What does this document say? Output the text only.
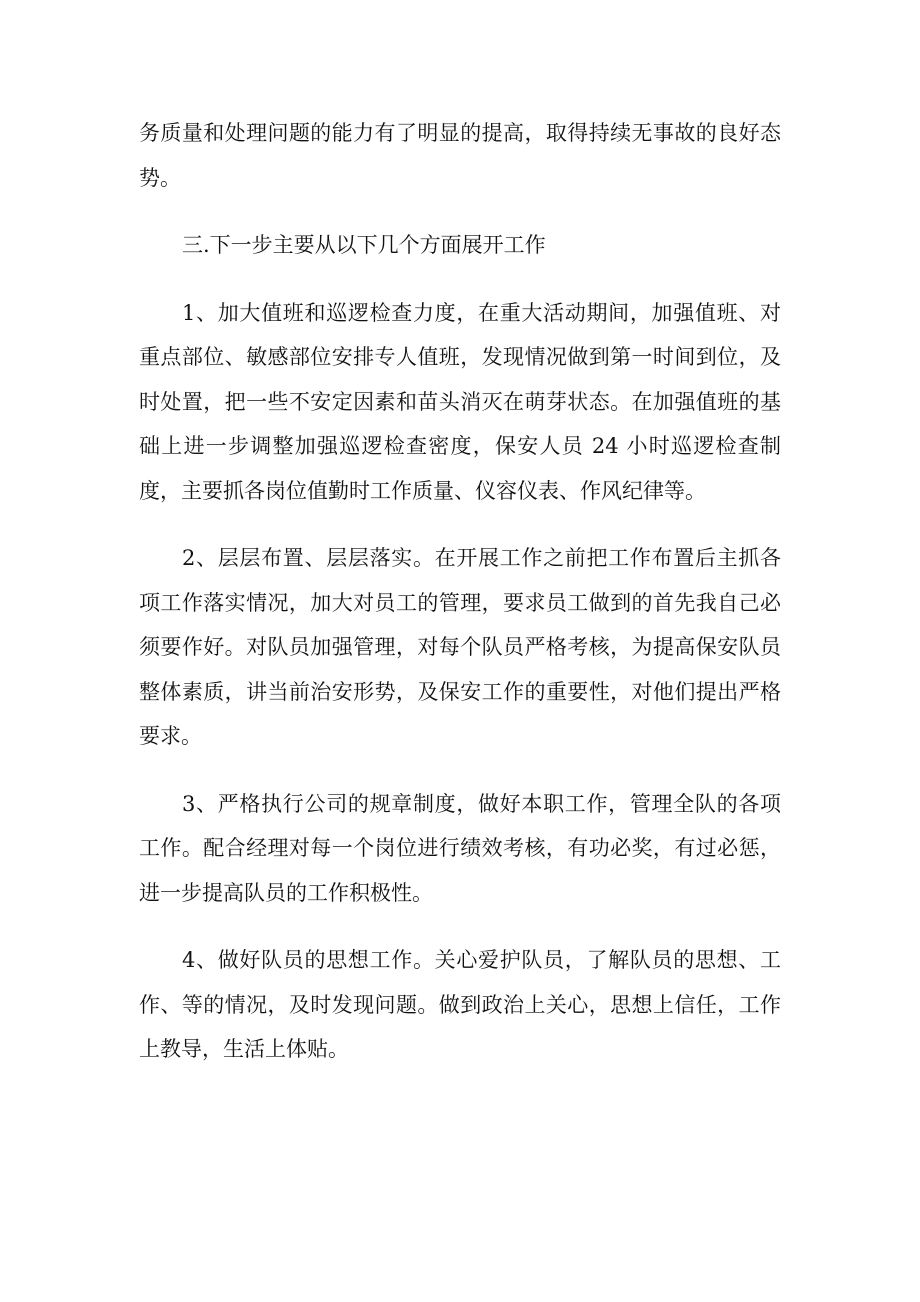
务质量和处理问题的能力有了明显的提高，取得持续无事故的良好态势。

三.下一步主要从以下几个方面展开工作

1、加大值班和巡逻检查力度，在重大活动期间，加强值班、对重点部位、敏感部位安排专人值班，发现情况做到第一时间到位，及时处置，把一些不安定因素和苗头消灭在萌芽状态。在加强值班的基础上进一步调整加强巡逻检查密度，保安人员 24 小时巡逻检查制度，主要抓各岗位值勤时工作质量、仪容仪表、作风纪律等。

2、层层布置、层层落实。在开展工作之前把工作布置后主抓各项工作落实情况，加大对员工的管理，要求员工做到的首先我自己必须要作好。对队员加强管理，对每个队员严格考核，为提高保安队员整体素质，讲当前治安形势，及保安工作的重要性，对他们提出严格要求。

3、严格执行公司的规章制度，做好本职工作，管理全队的各项工作。配合经理对每一个岗位进行绩效考核，有功必奖，有过必惩，进一步提高队员的工作积极性。

4、做好队员的思想工作。关心爱护队员，了解队员的思想、工作、等的情况，及时发现问题。做到政治上关心，思想上信任，工作上教导，生活上体贴。
